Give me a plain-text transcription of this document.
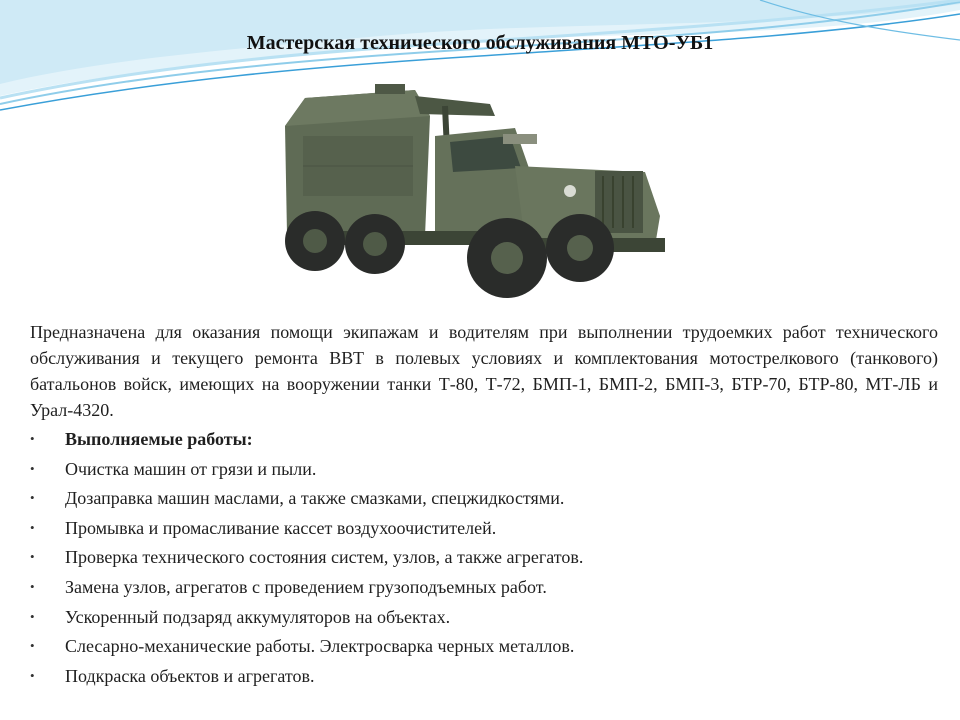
Мастерская технического обслуживания МТО-УБ1
Предназначена для оказания помощи экипажам и водителям при выполнении трудоемких работ технического обслуживания и текущего ремонта ВВТ в полевых условиях и комплектования мотострелкового (танкового) батальонов войск, имеющих на вооружении танки Т-80, Т-72, БМП-1, БМП-2, БМП-3, БТР-70, БТР-80, МТ-ЛБ и Урал-4320.
• Выполняемые работы:
• Очистка машин от грязи и пыли.
• Дозаправка машин маслами, а также смазками, спецжидкостями.
• Промывка и промасливание кассет воздухоочистителей.
• Проверка технического состояния систем, узлов, а также агрегатов.
• Замена узлов, агрегатов с проведением грузоподъемных работ.
• Ускоренный подзаряд аккумуляторов на объектах.
• Слесарно-механические работы. Электросварка черных металлов.
• Подкраска объектов и агрегатов.
